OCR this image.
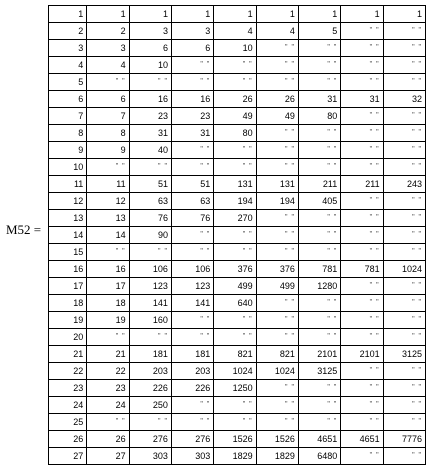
M52 =
1	1	1	1	1	1	1	1	1
2	2	3	3	4	4	5	" "	" "
3	3	6	6	10	" "	" "	" "	" "
4	4	10	" "	" "	" "	" "	" "	" "
5	" "	" "	" "	" "	" "	" "	" "	" "
6	6	16	16	26	26	31	31	32
7	7	23	23	49	49	80	" "	" "
8	8	31	31	80	" "	" "	" "	" "
9	9	40	" "	" "	" "	" "	" "	" "
10	" "	" "	" "	" "	" "	" "	" "	" "
11	11	51	51	131	131	211	211	243
12	12	63	63	194	194	405	" "	" "
13	13	76	76	270	" "	" "	" "	" "
14	14	90	" "	" "	" "	" "	" "	" "
15	" "	" "	" "	" "	" "	" "	" "	" "
16	16	106	106	376	376	781	781	1024
17	17	123	123	499	499	1280	" "	" "
18	18	141	141	640	" "	" "	" "	" "
19	19	160	" "	" "	" "	" "	" "	" "
20	" "	" "	" "	" "	" "	" "	" "	" "
21	21	181	181	821	821	2101	2101	3125
22	22	203	203	1024	1024	3125	" "	" "
23	23	226	226	1250	" "	" "	" "	" "
24	24	250	" "	" "	" "	" "	" "	" "
25	" "	" "	" "	" "	" "	" "	" "	" "
26	26	276	276	1526	1526	4651	4651	7776
27	27	303	303	1829	1829	6480	" "	" "
